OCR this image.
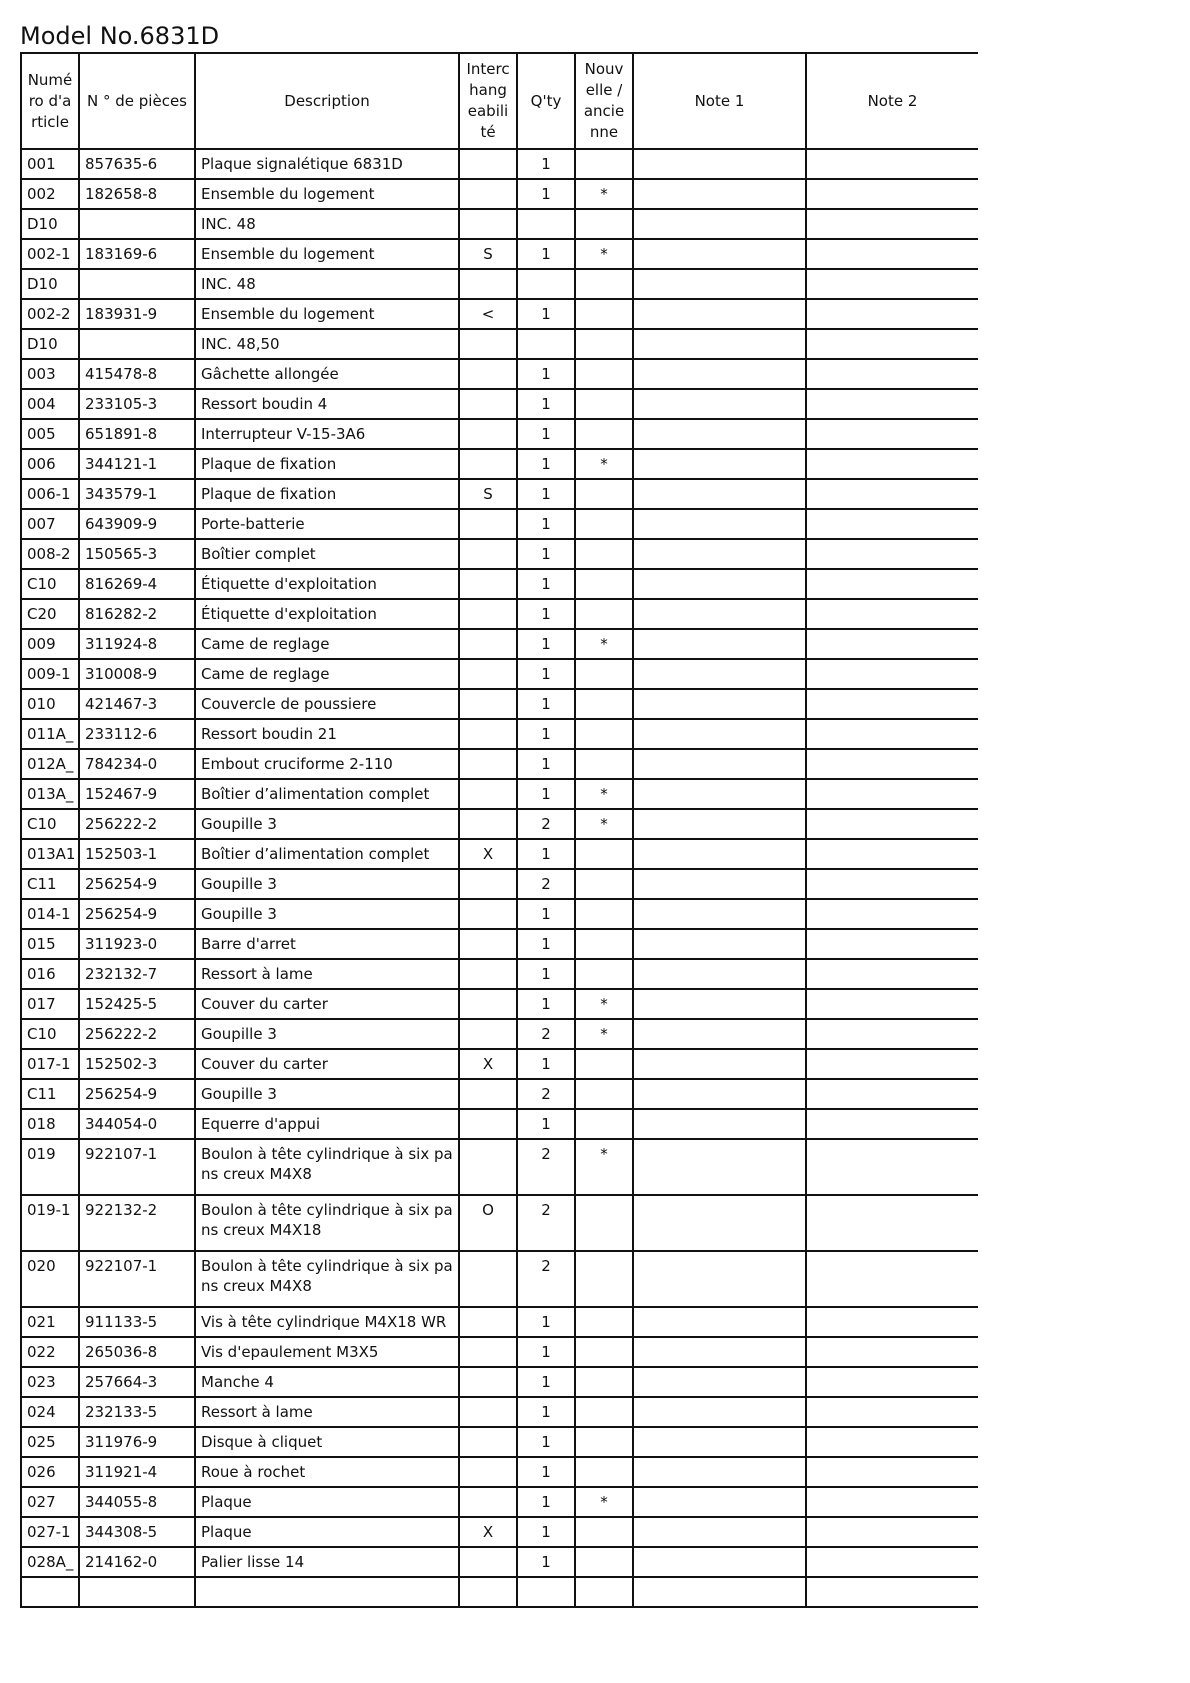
Model No.6831D
Numéro d'article	N ° de pièces	Description	Interchangeabilité	Q'ty	Nouvelle / ancienne	Note 1	Note 2
001	857635-6	Plaque signalétique 6831D		1			
002	182658-8	Ensemble du logement		1	*		
D10		INC. 48					
002-1	183169-6	Ensemble du logement	S	1	*		
D10		INC. 48					
002-2	183931-9	Ensemble du logement	<	1			
D10		INC. 48,50					
003	415478-8	Gâchette allongée		1			
004	233105-3	Ressort boudin 4		1			
005	651891-8	Interrupteur V-15-3A6		1			
006	344121-1	Plaque de fixation		1	*		
006-1	343579-1	Plaque de fixation	S	1			
007	643909-9	Porte-batterie		1			
008-2	150565-3	Boîtier complet		1			
C10	816269-4	Étiquette d'exploitation		1			
C20	816282-2	Étiquette d'exploitation		1			
009	311924-8	Came de reglage		1	*		
009-1	310008-9	Came de reglage		1			
010	421467-3	Couvercle de poussiere		1			
011A_	233112-6	Ressort boudin 21		1			
012A_	784234-0	Embout cruciforme 2-110		1			
013A_	152467-9	Boîtier d’alimentation complet		1	*		
C10	256222-2	Goupille 3		2	*		
013A1	152503-1	Boîtier d’alimentation complet	X	1			
C11	256254-9	Goupille 3		2			
014-1	256254-9	Goupille 3		1			
015	311923-0	Barre d'arret		1			
016	232132-7	Ressort à lame		1			
017	152425-5	Couver du carter		1	*		
C10	256222-2	Goupille 3		2	*		
017-1	152502-3	Couver du carter	X	1			
C11	256254-9	Goupille 3		2			
018	344054-0	Equerre d'appui		1			
019	922107-1	Boulon à tête cylindrique à six pans creux M4X8		2	*		
019-1	922132-2	Boulon à tête cylindrique à six pans creux M4X18	O	2			
020	922107-1	Boulon à tête cylindrique à six pans creux M4X8		2			
021	911133-5	Vis à tête cylindrique M4X18 WR		1			
022	265036-8	Vis d'epaulement M3X5		1			
023	257664-3	Manche 4		1			
024	232133-5	Ressort à lame		1			
025	311976-9	Disque à cliquet		1			
026	311921-4	Roue à rochet		1			
027	344055-8	Plaque		1	*		
027-1	344308-5	Plaque	X	1			
028A_	214162-0	Palier lisse 14		1			
